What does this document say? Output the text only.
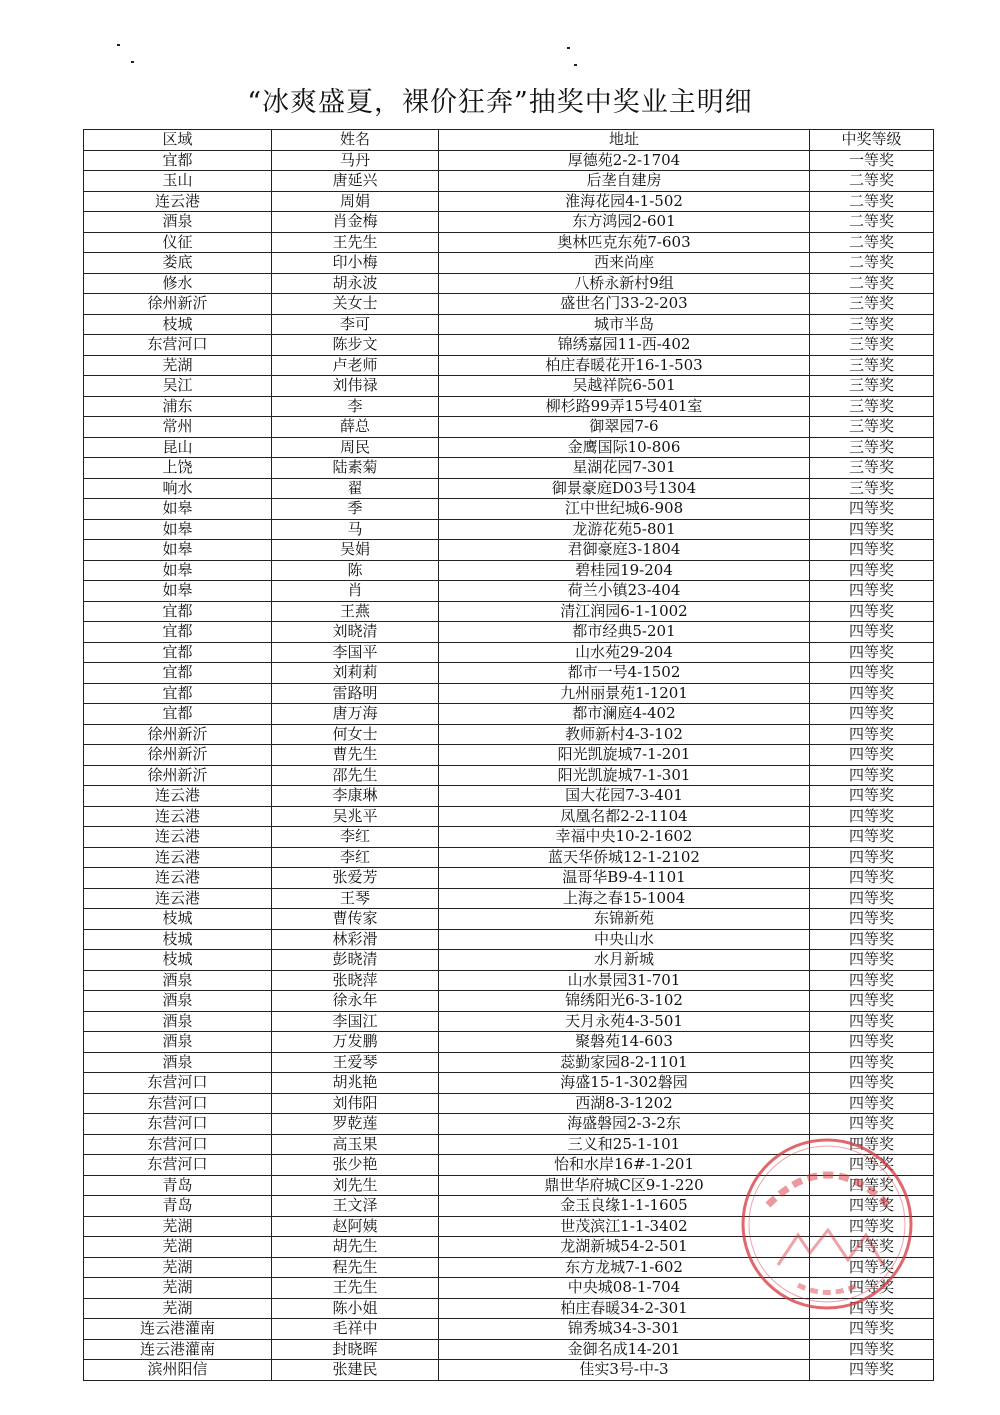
“冰爽盛夏，裸价狂奔”抽奖中奖业主明细
区域	姓名	地址	中奖等级
宜都	马丹	厚德苑2-2-1704	一等奖
玉山	唐延兴	后垄自建房	二等奖
连云港	周娟	淮海花园4-1-502	二等奖
酒泉	肖金梅	东方鸿园2-601	二等奖
仪征	王先生	奥林匹克东苑7-603	二等奖
娄底	印小梅	西来尚座	二等奖
修水	胡永波	八桥永新村9组	二等奖
徐州新沂	关女士	盛世名门33-2-203	三等奖
枝城	李可	城市半岛	三等奖
东营河口	陈步文	锦绣嘉园11-西-402	三等奖
芜湖	卢老师	柏庄春暖花开16-1-503	三等奖
吴江	刘伟禄	吴越祥院6-501	三等奖
浦东	李	柳杉路99弄15号401室	三等奖
常州	薛总	御翠园7-6	三等奖
昆山	周民	金鹰国际10-806	三等奖
上饶	陆素菊	星湖花园7-301	三等奖
响水	翟	御景豪庭D03号1304	三等奖
如皋	季	江中世纪城6-908	四等奖
如皋	马	龙游花苑5-801	四等奖
如皋	吴娟	君御豪庭3-1804	四等奖
如皋	陈	碧桂园19-204	四等奖
如皋	肖	荷兰小镇23-404	四等奖
宜都	王燕	清江润园6-1-1002	四等奖
宜都	刘晓清	都市经典5-201	四等奖
宜都	李国平	山水苑29-204	四等奖
宜都	刘莉莉	都市一号4-1502	四等奖
宜都	雷路明	九州丽景苑1-1201	四等奖
宜都	唐万海	都市澜庭4-402	四等奖
徐州新沂	何女士	教师新村4-3-102	四等奖
徐州新沂	曹先生	阳光凯旋城7-1-201	四等奖
徐州新沂	邵先生	阳光凯旋城7-1-301	四等奖
连云港	李康琳	国大花园7-3-401	四等奖
连云港	吴兆平	凤凰名都2-2-1104	四等奖
连云港	李红	幸福中央10-2-1602	四等奖
连云港	李红	蓝天华侨城12-1-2102	四等奖
连云港	张爱芳	温哥华B9-4-1101	四等奖
连云港	王琴	上海之春15-1004	四等奖
枝城	曹传家	东锦新苑	四等奖
枝城	林彩滑	中央山水	四等奖
枝城	彭晓清	水月新城	四等奖
酒泉	张晓萍	山水景园31-701	四等奖
酒泉	徐永年	锦绣阳光6-3-102	四等奖
酒泉	李国江	天月永苑4-3-501	四等奖
酒泉	万发鹏	聚磐苑14-603	四等奖
酒泉	王爱琴	蕊勤家园8-2-1101	四等奖
东营河口	胡兆艳	海盛15-1-302磐园	四等奖
东营河口	刘伟阳	西湖8-3-1202	四等奖
东营河口	罗乾莲	海盛磐园2-3-2东	四等奖
东营河口	高玉果	三义和25-1-101	四等奖
东营河口	张少艳	怡和水岸16#-1-201	四等奖
青岛	刘先生	鼎世华府城C区9-1-220	四等奖
青岛	王文泽	金玉良缘1-1-1605	四等奖
芜湖	赵阿姨	世茂滨江1-1-3402	四等奖
芜湖	胡先生	龙湖新城54-2-501	四等奖
芜湖	程先生	东方龙城7-1-602	四等奖
芜湖	王先生	中央城08-1-704	四等奖
芜湖	陈小姐	柏庄春暖34-2-301	四等奖
连云港灌南	毛祥中	锦秀城34-3-301	四等奖
连云港灌南	封晓晖	金御名成14-201	四等奖
滨州阳信	张建民	佳实3号-中-3	四等奖
